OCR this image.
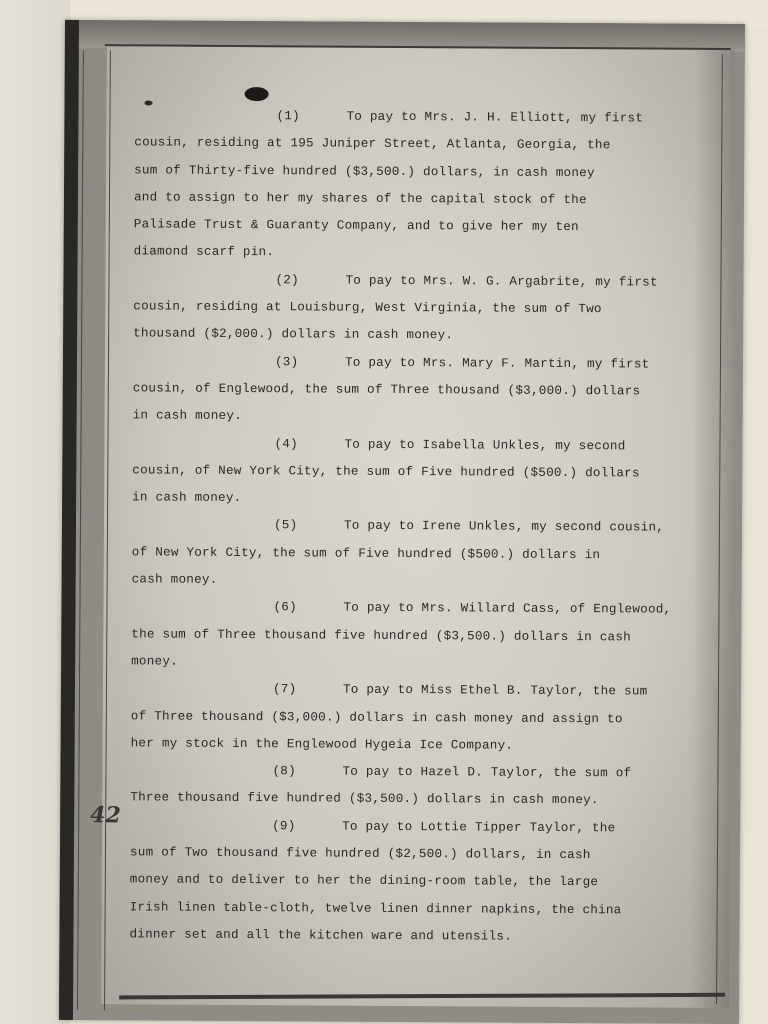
42
(1)	To pay to Mrs. J. H. Elliott, my first
cousin, residing at 195 Juniper Street, Atlanta, Georgia, the
sum of Thirty-five hundred ($3,500.) dollars, in cash money
and to assign to her my shares of the capital stock of the
Palisade Trust & Guaranty Company, and to give her my ten
diamond scarf pin.
(2)	To pay to Mrs. W. G. Argabrite, my first
cousin, residing at Louisburg, West Virginia, the sum of Two
thousand ($2,000.) dollars in cash money.
(3)	To pay to Mrs. Mary F. Martin, my first
cousin, of Englewood, the sum of Three thousand ($3,000.) dollars
in cash money.
(4)	To pay to Isabella Unkles, my second
cousin, of New York City, the sum of Five hundred ($500.) dollars
in cash money.
(5)	To pay to Irene Unkles, my second cousin,
of New York City, the sum of Five hundred ($500.) dollars in
cash money.
(6)	To pay to Mrs. Willard Cass, of Englewood,
the sum of Three thousand five hundred ($3,500.) dollars in cash
money.
(7)	To pay to Miss Ethel B. Taylor, the sum
of Three thousand ($3,000.) dollars in cash money and assign to
her my stock in the Englewood Hygeia Ice Company.
(8)	To pay to Hazel D. Taylor, the sum of
Three thousand five hundred ($3,500.) dollars in cash money.
(9)	To pay to Lottie Tipper Taylor, the
sum of Two thousand five hundred ($2,500.) dollars, in cash
money and to deliver to her the dining-room table, the large
Irish linen table-cloth, twelve linen dinner napkins, the china
dinner set and all the kitchen ware and utensils.
